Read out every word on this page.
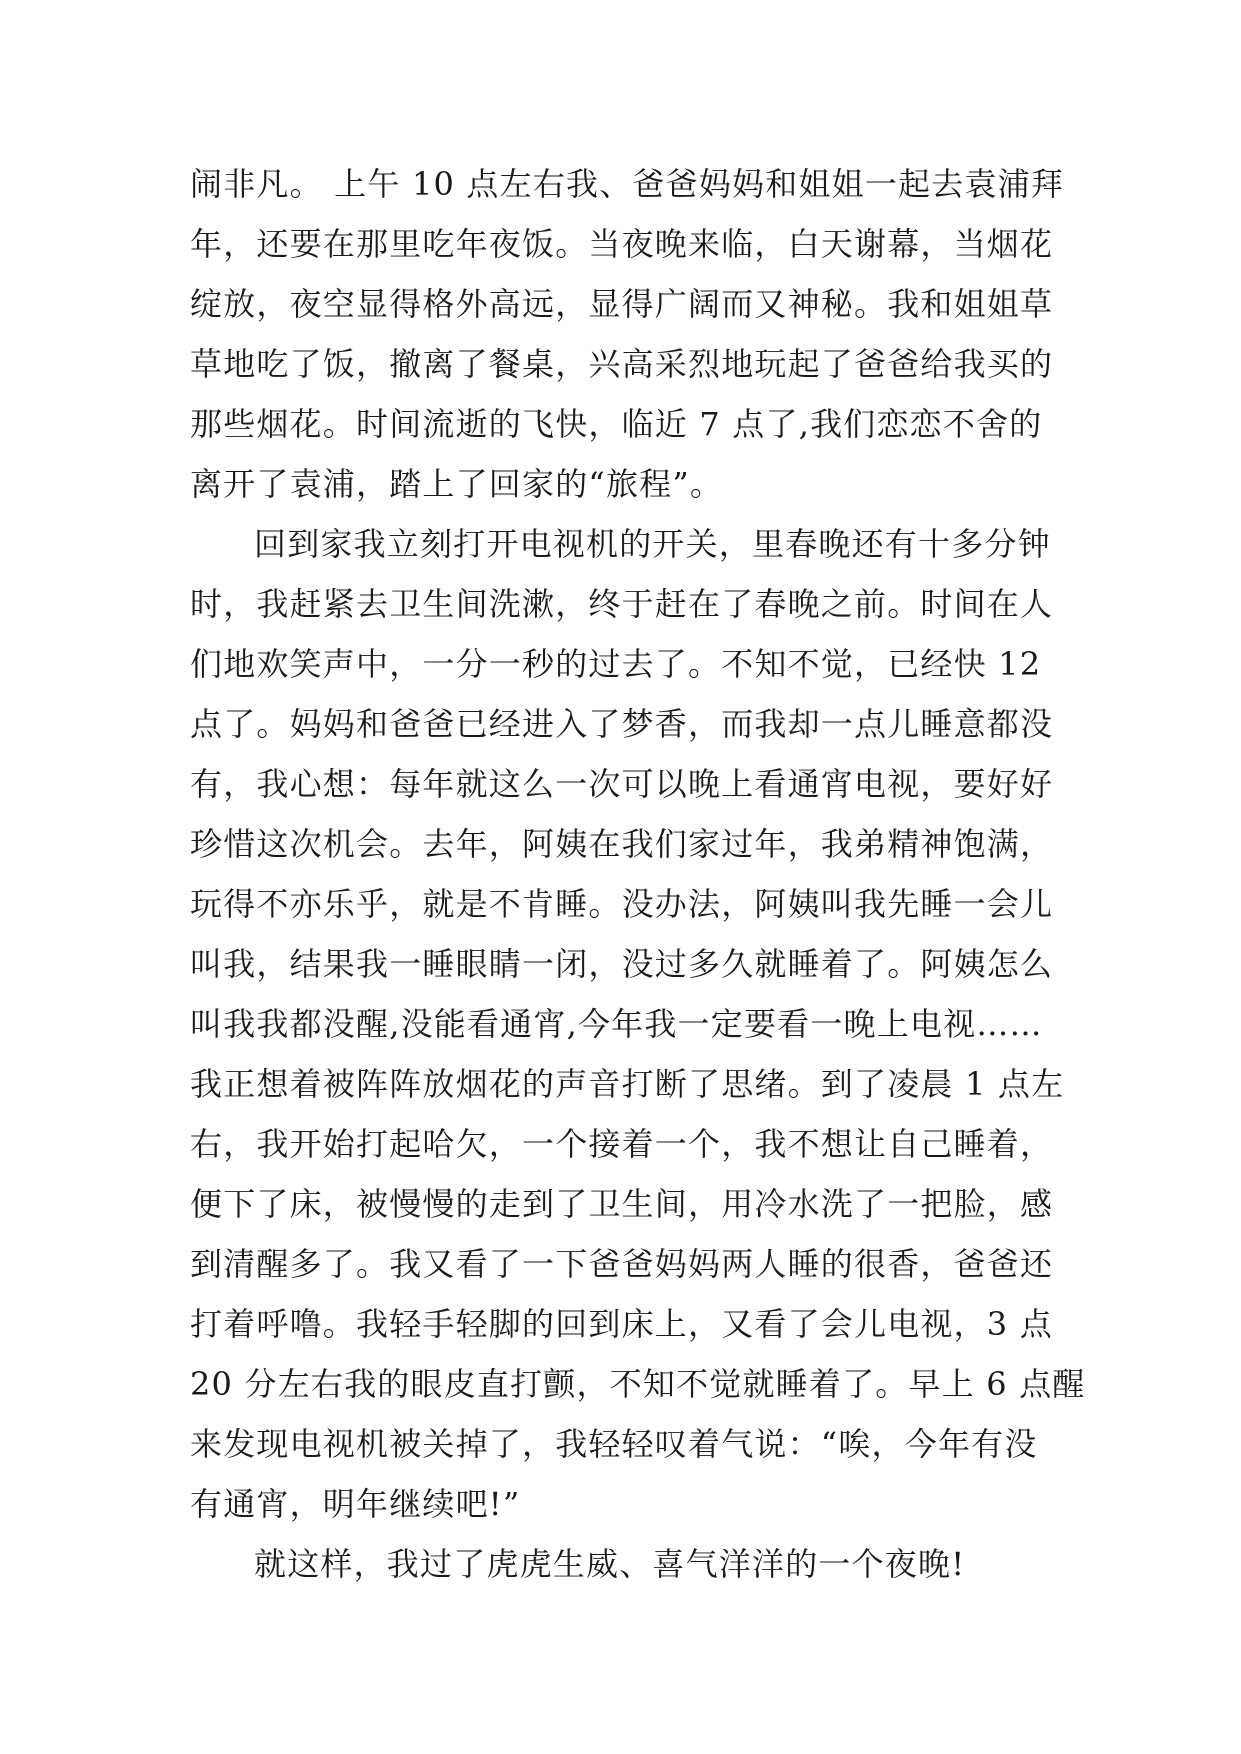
闹非凡。 上午 10 点左右我、爸爸妈妈和姐姐一起去袁浦拜
年，还要在那里吃年夜饭。当夜晚来临，白天谢幕，当烟花
绽放，夜空显得格外高远，显得广阔而又神秘。我和姐姐草
草地吃了饭，撤离了餐桌，兴高采烈地玩起了爸爸给我买的
那些烟花。时间流逝的飞快，临近 7 点了,我们恋恋不舍的
离开了袁浦，踏上了回家的“旅程”。
回到家我立刻打开电视机的开关，里春晚还有十多分钟
时，我赶紧去卫生间洗漱，终于赶在了春晚之前。时间在人
们地欢笑声中，一分一秒的过去了。不知不觉，已经快 12
点了。妈妈和爸爸已经进入了梦香，而我却一点儿睡意都没
有，我心想：每年就这么一次可以晚上看通宵电视，要好好
珍惜这次机会。去年，阿姨在我们家过年，我弟精神饱满，
玩得不亦乐乎，就是不肯睡。没办法，阿姨叫我先睡一会儿
叫我，结果我一睡眼睛一闭，没过多久就睡着了。阿姨怎么
叫我我都没醒,没能看通宵,今年我一定要看一晚上电视……
我正想着被阵阵放烟花的声音打断了思绪。到了凌晨 1 点左
右，我开始打起哈欠，一个接着一个，我不想让自己睡着，
便下了床，被慢慢的走到了卫生间，用冷水洗了一把脸，感
到清醒多了。我又看了一下爸爸妈妈两人睡的很香，爸爸还
打着呼噜。我轻手轻脚的回到床上，又看了会儿电视，3 点
20 分左右我的眼皮直打颤，不知不觉就睡着了。早上 6 点醒
来发现电视机被关掉了，我轻轻叹着气说：“唉，今年有没
有通宵，明年继续吧!”
就这样，我过了虎虎生威、喜气洋洋的一个夜晚!
